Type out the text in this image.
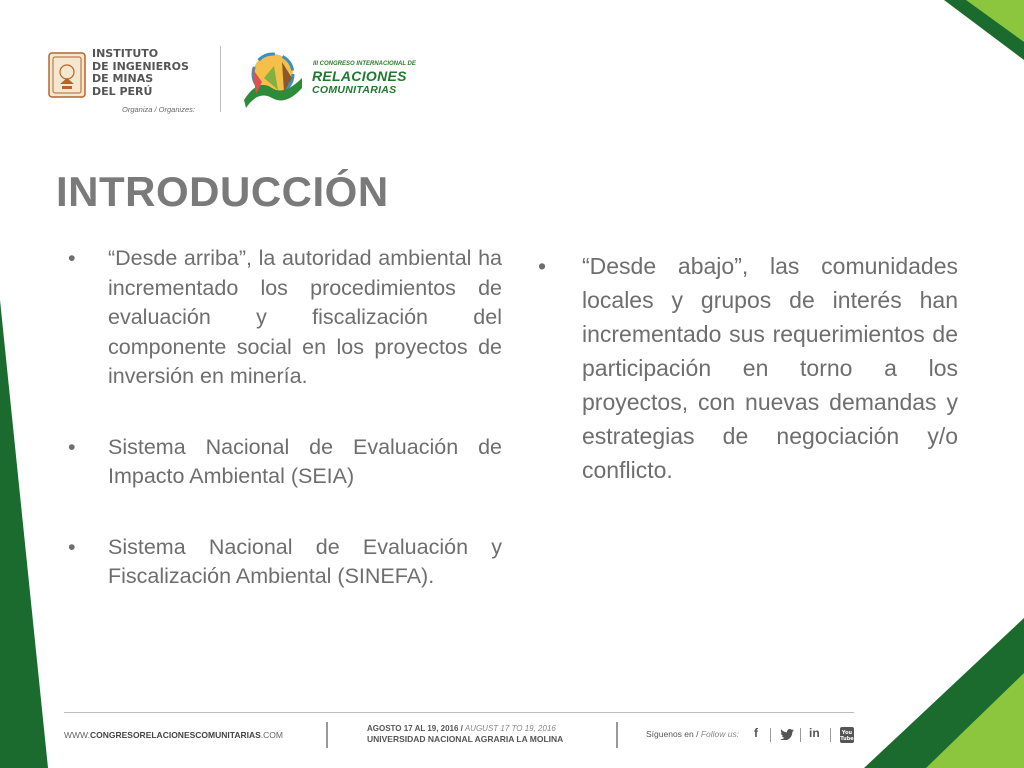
INSTITUTO
DE INGENIEROS
DE MINAS
DEL PERÚ
Organiza / Organizes:
III CONGRESO INTERNACIONAL DE
RELACIONES
COMUNITARIAS
INTRODUCCIÓN
• “Desde arriba”, la autoridad ambiental ha incrementado los procedimientos de evaluación y fiscalización del componente social en los proyectos de inversión en minería.
• Sistema Nacional de Evaluación de Impacto Ambiental (SEIA)
• Sistema Nacional de Evaluación y Fiscalización Ambiental (SINEFA).
• “Desde abajo”, las comunidades locales y grupos de interés han incrementado sus requerimientos de participación en torno a los proyectos, con nuevas demandas y estrategias de negociación y/o conflicto.
WWW.CONGRESORELACIONESCOMUNITARIAS.COM
AGOSTO 17 AL 19, 2016 / AUGUST 17 TO 19, 2016
UNIVERSIDAD NACIONAL AGRARIA LA MOLINA	Síguenos en / Follow us: f	in	You
Tube
